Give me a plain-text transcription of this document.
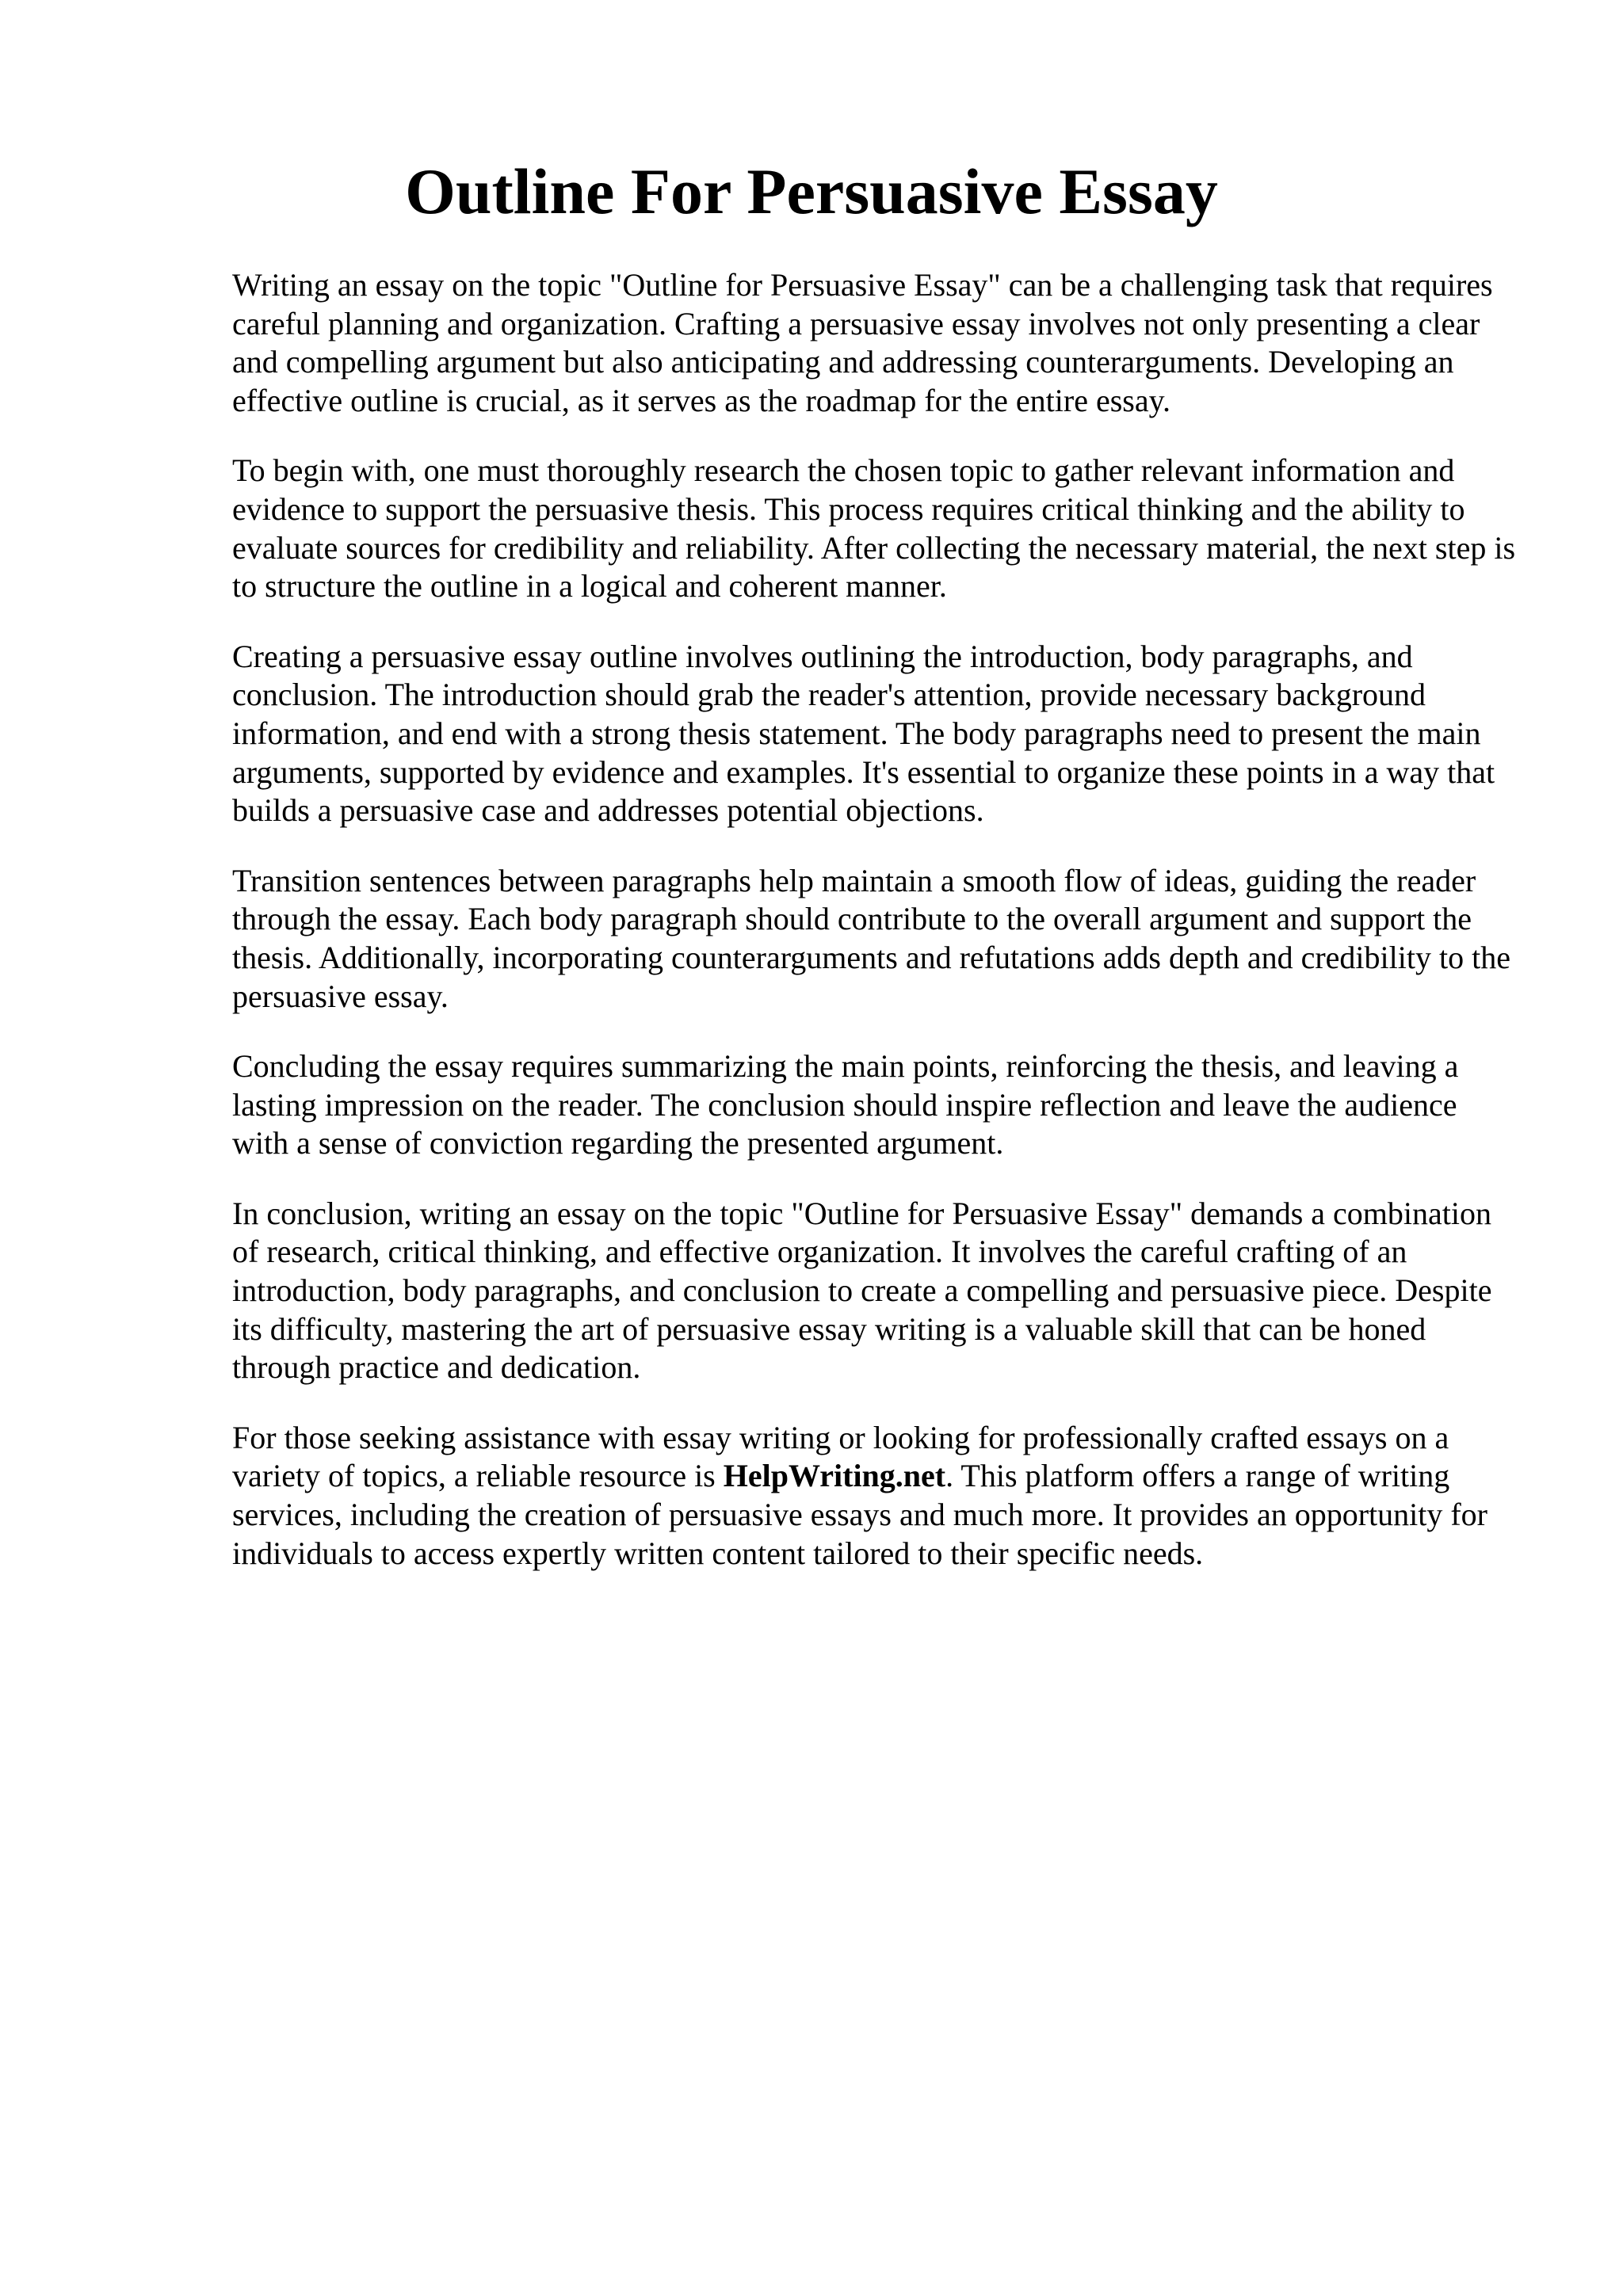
Outline For Persuasive Essay

Writing an essay on the topic "Outline for Persuasive Essay" can be a challenging task that requires careful planning and organization. Crafting a persuasive essay involves not only presenting a clear and compelling argument but also anticipating and addressing counterarguments. Developing an effective outline is crucial, as it serves as the roadmap for the entire essay.

To begin with, one must thoroughly research the chosen topic to gather relevant information and evidence to support the persuasive thesis. This process requires critical thinking and the ability to evaluate sources for credibility and reliability. After collecting the necessary material, the next step is to structure the outline in a logical and coherent manner.

Creating a persuasive essay outline involves outlining the introduction, body paragraphs, and conclusion. The introduction should grab the reader's attention, provide necessary background information, and end with a strong thesis statement. The body paragraphs need to present the main arguments, supported by evidence and examples. It's essential to organize these points in a way that builds a persuasive case and addresses potential objections.

Transition sentences between paragraphs help maintain a smooth flow of ideas, guiding the reader through the essay. Each body paragraph should contribute to the overall argument and support the thesis. Additionally, incorporating counterarguments and refutations adds depth and credibility to the persuasive essay.

Concluding the essay requires summarizing the main points, reinforcing the thesis, and leaving a lasting impression on the reader. The conclusion should inspire reflection and leave the audience with a sense of conviction regarding the presented argument.

In conclusion, writing an essay on the topic "Outline for Persuasive Essay" demands a combination of research, critical thinking, and effective organization. It involves the careful crafting of an introduction, body paragraphs, and conclusion to create a compelling and persuasive piece. Despite its difficulty, mastering the art of persuasive essay writing is a valuable skill that can be honed through practice and dedication.

For those seeking assistance with essay writing or looking for professionally crafted essays on a variety of topics, a reliable resource is HelpWriting.net. This platform offers a range of writing services, including the creation of persuasive essays and much more. It provides an opportunity for individuals to access expertly written content tailored to their specific needs.
